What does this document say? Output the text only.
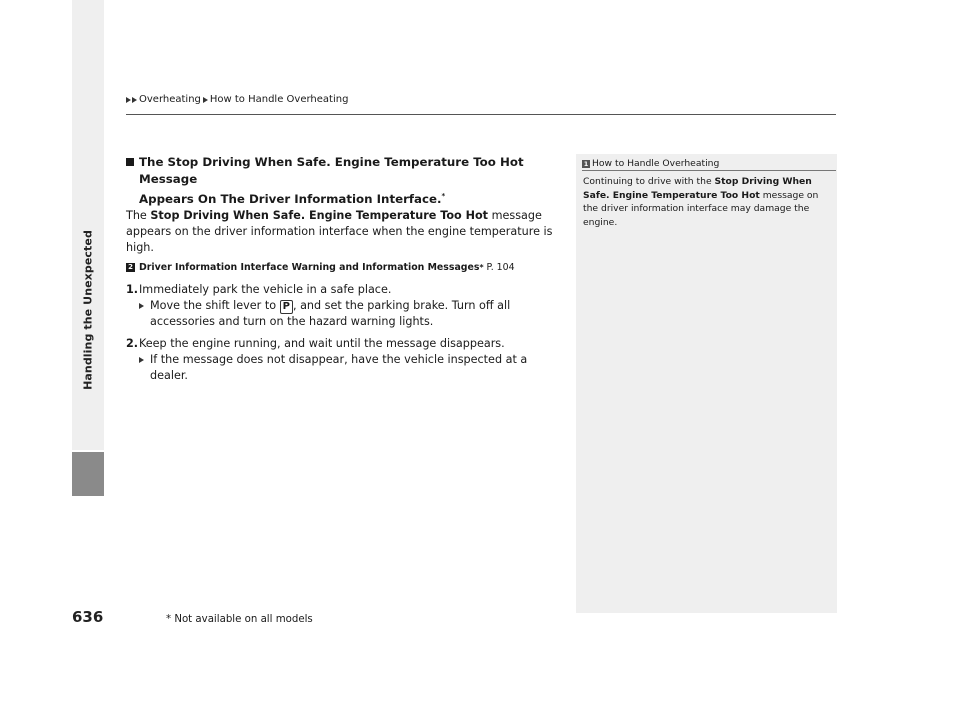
Handling the Unexpected
Overheating How to Handle Overheating
The Stop Driving When Safe. Engine Temperature Too Hot Message
Appears On The Driver Information Interface.*
The Stop Driving When Safe. Engine Temperature Too Hot message appears on the driver information interface when the engine temperature is high.
2 Driver Information Interface Warning and Information Messages * P. 104
1. Immediately park the vehicle in a safe place.
Move the shift lever to P , and set the parking brake. Turn off all accessories and turn on the hazard warning lights.
2. Keep the engine running, and wait until the message disappears.
If the message does not disappear, have the vehicle inspected at a dealer.
1 How to Handle Overheating
Continuing to drive with the Stop Driving When Safe. Engine Temperature Too Hot message on the driver information interface may damage the engine.
636	* Not available on all models
